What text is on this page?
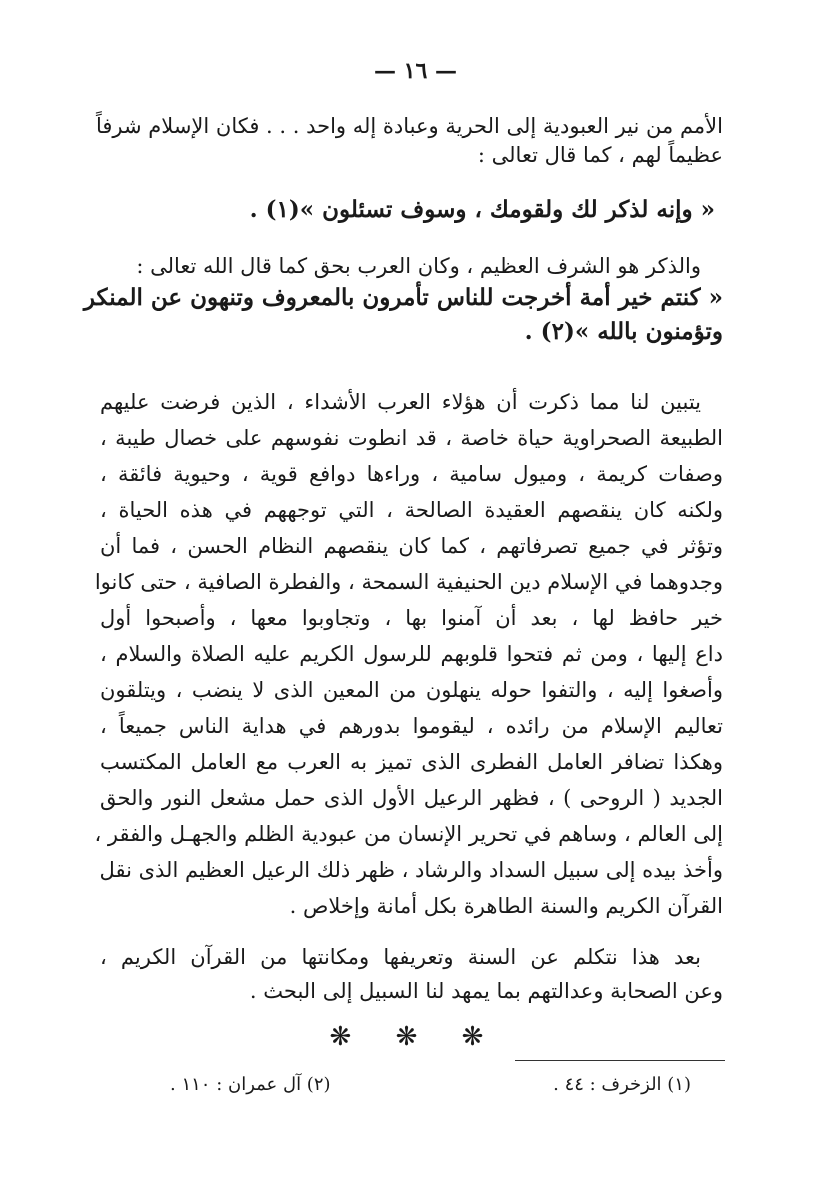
— ١٦ —
الأمم من نير العبودية إلى الحرية وعبادة إله واحد . . . فكان الإسلام شرفاً
عظيماً لهم ، كما قال تعالى :
« وإنه لذكر لك ولقومك ، وسوف تسئلون »(١) .
والذكر هو الشرف العظيم ، وكان العرب بحق كما قال الله تعالى :
« كنتم خير أمة أخرجت للناس تأمرون بالمعروف وتنهون عن المنكر
وتؤمنون بالله »(٢) .
يتبين لنا مما ذكرت أن هؤلاء العرب الأشداء ، الذين فرضت عليهم
الطبيعة الصحراوية حياة خاصة ، قد انطوت نفوسهم على خصال طيبة ،
وصفات كريمة ، وميول سامية ، وراءها دوافع قوية ، وحيوية فائقة ،
ولكنه كان ينقصهم العقيدة الصالحة ، التي توجههم في هذه الحياة ،
وتؤثر في جميع تصرفاتهم ، كما كان ينقصهم النظام الحسن ، فما أن
وجدوهما في الإسلام دين الحنيفية السمحة ، والفطرة الصافية ، حتى كانوا
خير حافظ لها ، بعد أن آمنوا بها ، وتجاوبوا معها ، وأصبحوا أول
داع إليها ، ومن ثم فتحوا قلوبهم للرسول الكريم عليه الصلاة والسلام ،
وأصغوا إليه ، والتفوا حوله ينهلون من المعين الذى لا ينضب ، ويتلقون
تعاليم الإسلام من رائده ، ليقوموا بدورهم في هداية الناس جميعاً ،
وهكذا تضافر العامل الفطرى الذى تميز به العرب مع العامل المكتسب
الجديد ( الروحى ) ، فظهر الرعيل الأول الذى حمل مشعل النور والحق
إلى العالم ، وساهم في تحرير الإنسان من عبودية الظلم والجهـل والفقر ،
وأخذ بيده إلى سبيل السداد والرشاد ، ظهر ذلك الرعيل العظيم الذى نقل
القرآن الكريم والسنة الطاهرة بكل أمانة وإخلاص .
بعد هذا نتكلم عن السنة وتعريفها ومكانتها من القرآن الكريم ،
وعن الصحابة وعدالتهم بما يمهد لنا السبيل إلى البحث .
❋ ❋ ❋
(١) الزخرف : ٤٤ .
(٢) آل عمران : ١١٠ .
